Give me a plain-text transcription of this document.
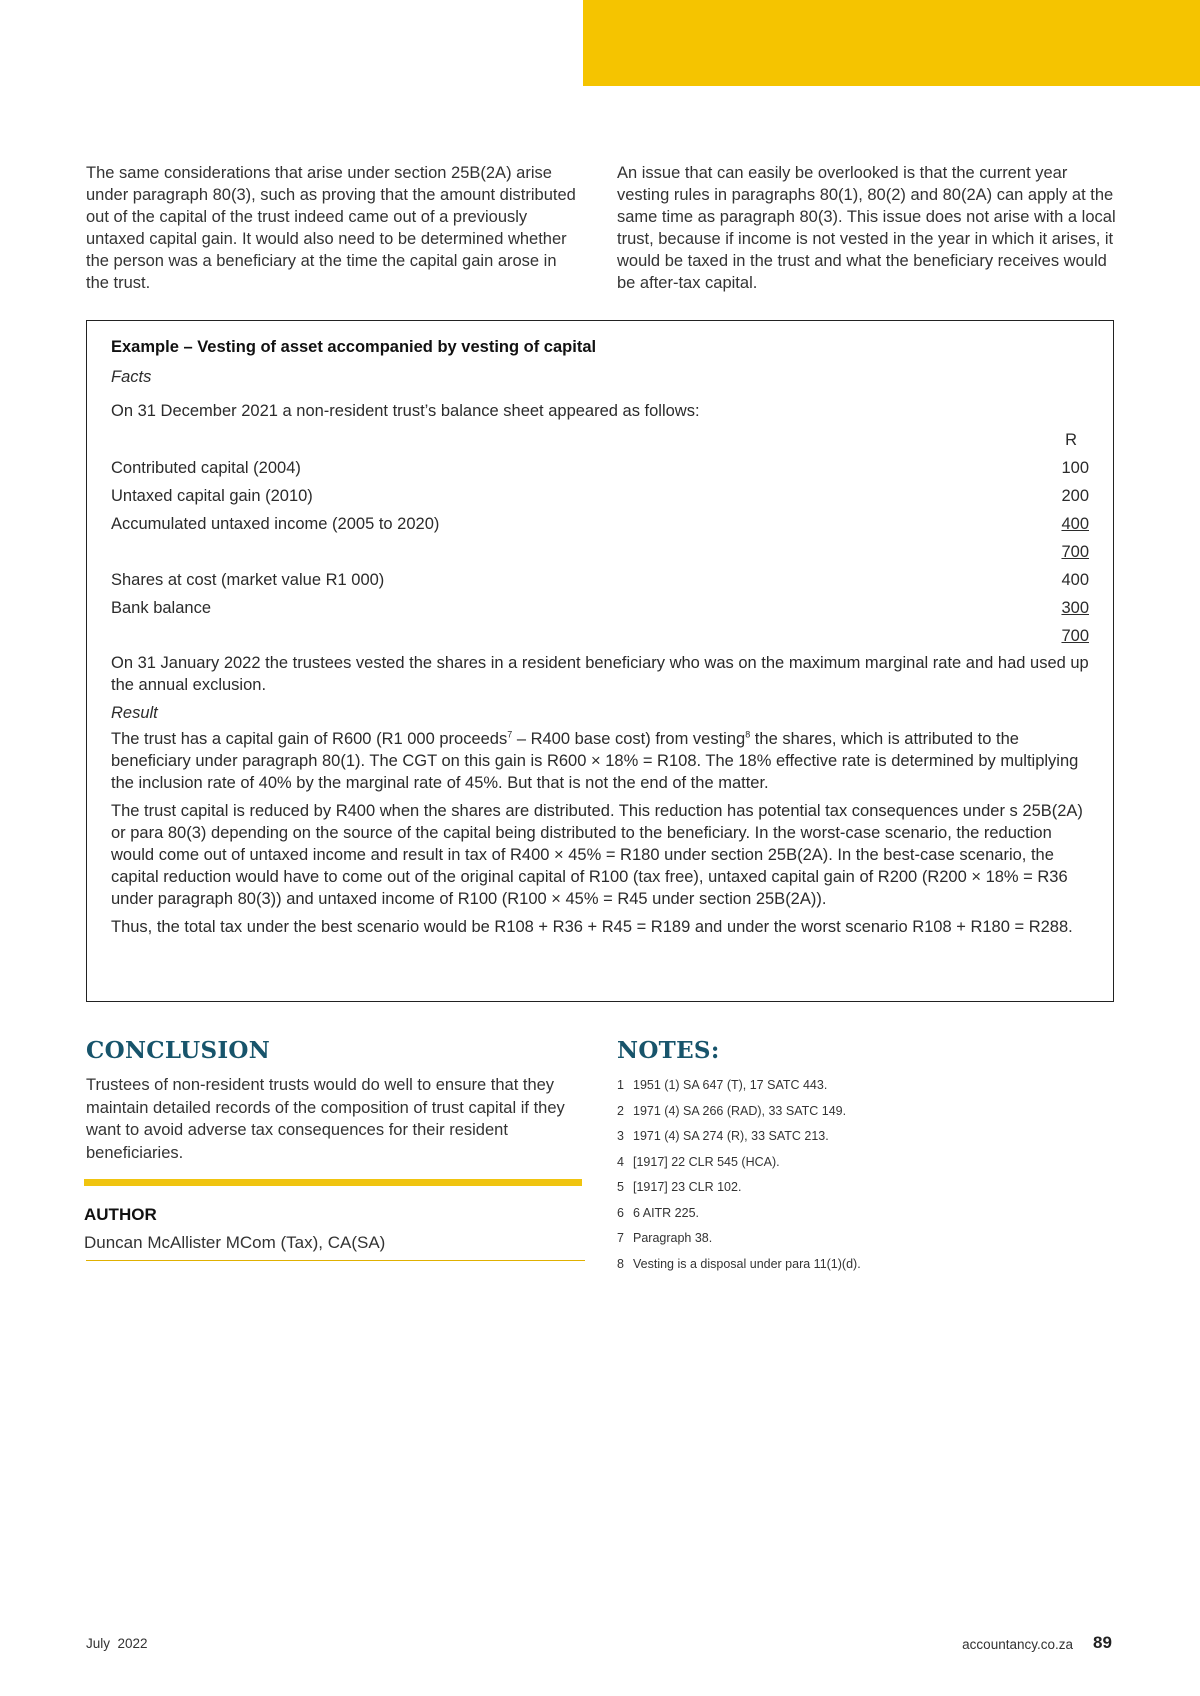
The same considerations that arise under section 25B(2A) arise under paragraph 80(3), such as proving that the amount distributed out of the capital of the trust indeed came out of a previously untaxed capital gain. It would also need to be determined whether the person was a beneficiary at the time the capital gain arose in the trust.

An issue that can easily be overlooked is that the current year vesting rules in paragraphs 80(1), 80(2) and 80(2A) can apply at the same time as paragraph 80(3). This issue does not arise with a local trust, because if income is not vested in the year in which it arises, it would be taxed in the trust and what the beneficiary receives would be after-tax capital.

Example – Vesting of asset accompanied by vesting of capital

Facts

On 31 December 2021 a non-resident trust’s balance sheet appeared as follows:

	R
Contributed capital (2004)	100
Untaxed capital gain (2010)	200
Accumulated untaxed income (2005 to 2020)	400
	700
Shares at cost (market value R1 000)	400
Bank balance	300
	700

On 31 January 2022 the trustees vested the shares in a resident beneficiary who was on the maximum marginal rate and had used up the annual exclusion.

Result

The trust has a capital gain of R600 (R1 000 proceeds$^7$ – R400 base cost) from vesting$^8$ the shares, which is attributed to the beneficiary under paragraph 80(1). The CGT on this gain is R600 × 18% = R108. The 18% effective rate is determined by multiplying the inclusion rate of 40% by the marginal rate of 45%. But that is not the end of the matter.

The trust capital is reduced by R400 when the shares are distributed. This reduction has potential tax consequences under s 25B(2A) or para 80(3) depending on the source of the capital being distributed to the beneficiary. In the worst-case scenario, the reduction would come out of untaxed income and result in tax of R400 × 45% = R180 under section 25B(2A). In the best-case scenario, the capital reduction would have to come out of the original capital of R100 (tax free), untaxed capital gain of R200 (R200 × 18% = R36 under paragraph 80(3)) and untaxed income of R100 (R100 × 45% = R45 under section 25B(2A)).

Thus, the total tax under the best scenario would be R108 + R36 + R45 = R189 and under the worst scenario R108 + R180 = R288.

CONCLUSION

Trustees of non-resident trusts would do well to ensure that they maintain detailed records of the composition of trust capital if they want to avoid adverse tax consequences for their resident beneficiaries.

AUTHOR
Duncan McAllister MCom (Tax), CA(SA)
NOTES:
1 1951 (1) SA 647 (T), 17 SATC 443.
2 1971 (4) SA 266 (RAD), 33 SATC 149.
3 1971 (4) SA 274 (R), 33 SATC 213.
4 [1917] 22 CLR 545 (HCA).
5 [1917] 23 CLR 102.
6 6 AITR 225.
7 Paragraph 38.
8 Vesting is a disposal under para 11(1)(d).
July  2022	accountancy.co.za 89
